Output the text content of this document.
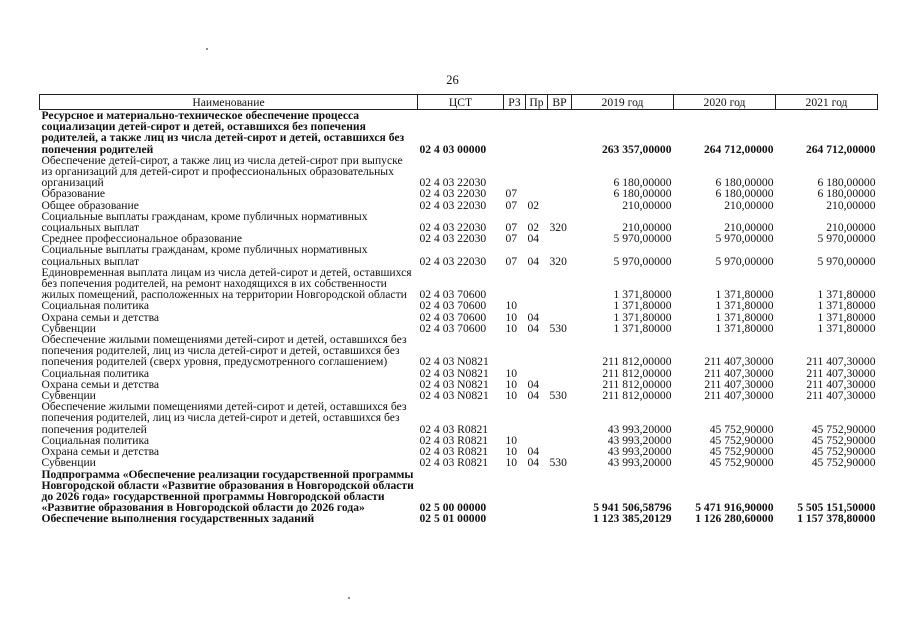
26
Наименование	ЦСТ	РЗ	Пр	ВР	2019 год	2020 год	2021 год
Ресурсное и материально-техническое обеспечение процесса социализации детей-сирот и детей, оставшихся без попечения родителей, а также лиц из числа детей-сирот и детей, оставшихся без попечения родителей	02 4 03 00000				263 357,00000	264 712,00000	264 712,00000
Обеспечение детей-сирот, а также лиц из числа детей-сирот при выпуске из организаций для детей-сирот и профессиональных образовательных организаций	02 4 03 22030				6 180,00000	6 180,00000	6 180,00000
Образование	02 4 03 22030	07			6 180,00000	6 180,00000	6 180,00000
Общее образование	02 4 03 22030	07	02		210,00000	210,00000	210,00000
Социальные выплаты гражданам, кроме публичных нормативных социальных выплат	02 4 03 22030	07	02	320	210,00000	210,00000	210,00000
Среднее профессиональное образование	02 4 03 22030	07	04		5 970,00000	5 970,00000	5 970,00000
Социальные выплаты гражданам, кроме публичных нормативных социальных выплат	02 4 03 22030	07	04	320	5 970,00000	5 970,00000	5 970,00000
Единовременная выплата лицам из числа детей-сирот и детей, оставшихся без попечения родителей, на ремонт находящихся в их собственности жилых помещений, расположенных на территории Новгородской области	02 4 03 70600				1 371,80000	1 371,80000	1 371,80000
Социальная политика	02 4 03 70600	10			1 371,80000	1 371,80000	1 371,80000
Охрана семьи и детства	02 4 03 70600	10	04		1 371,80000	1 371,80000	1 371,80000
Субвенции	02 4 03 70600	10	04	530	1 371,80000	1 371,80000	1 371,80000
Обеспечение жилыми помещениями детей-сирот и детей, оставшихся без попечения родителей, лиц из числа детей-сирот и детей, оставшихся без попечения родителей (сверх уровня, предусмотренного соглашением)	02 4 03 N0821				211 812,00000	211 407,30000	211 407,30000
Социальная политика	02 4 03 N0821	10			211 812,00000	211 407,30000	211 407,30000
Охрана семьи и детства	02 4 03 N0821	10	04		211 812,00000	211 407,30000	211 407,30000
Субвенции	02 4 03 N0821	10	04	530	211 812,00000	211 407,30000	211 407,30000
Обеспечение жилыми помещениями детей-сирот и детей, оставшихся без попечения родителей, лиц из числа детей-сирот и детей, оставшихся без попечения родителей	02 4 03 R0821				43 993,20000	45 752,90000	45 752,90000
Социальная политика	02 4 03 R0821	10			43 993,20000	45 752,90000	45 752,90000
Охрана семьи и детства	02 4 03 R0821	10	04		43 993,20000	45 752,90000	45 752,90000
Субвенции	02 4 03 R0821	10	04	530	43 993,20000	45 752,90000	45 752,90000
Подпрограмма «Обеспечение реализации государственной программы Новгородской области «Развитие образования в Новгородской области до 2026 года» государственной программы Новгородской области «Развитие образования в Новгородской области до 2026 года»	02 5 00 00000				5 941 506,58796	5 471 916,90000	5 505 151,50000
Обеспечение выполнения государственных заданий	02 5 01 00000				1 123 385,20129	1 126 280,60000	1 157 378,80000
